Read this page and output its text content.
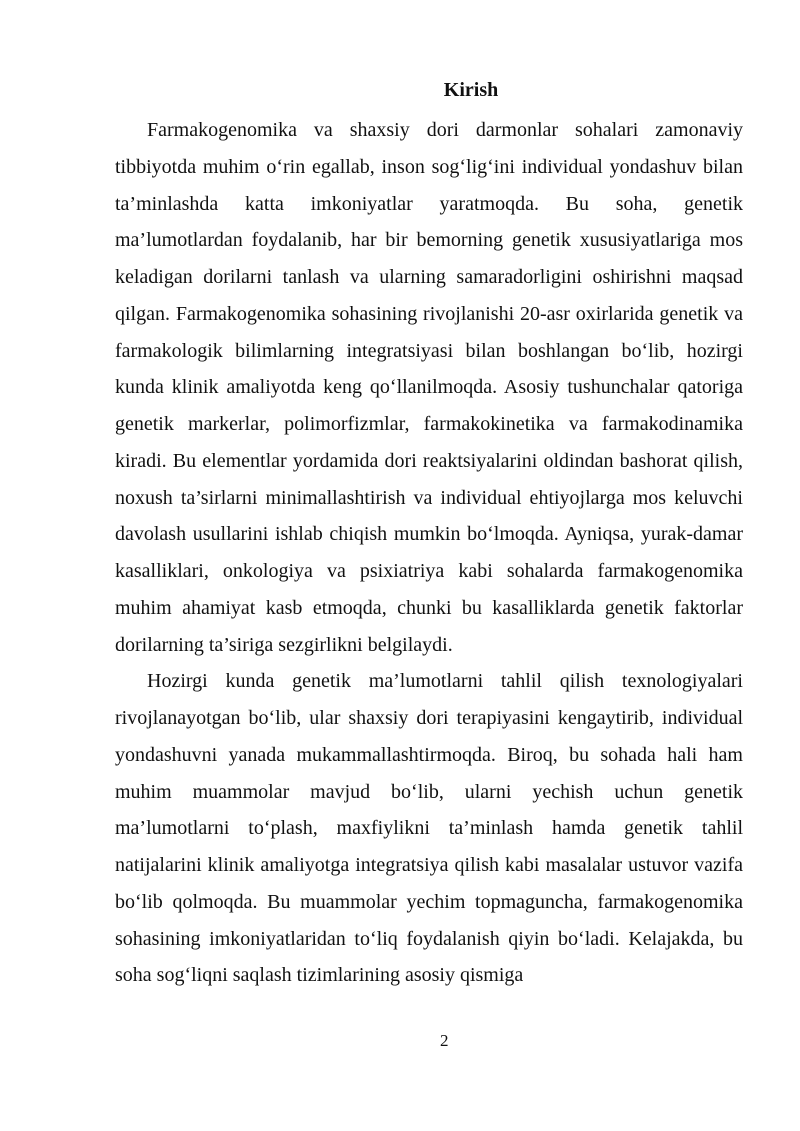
Kirish

Farmakogenomika va shaxsiy dori darmonlar sohalari zamonaviy tibbiyotda muhim o‘rin egallab, inson sog‘lig‘ini individual yondashuv bilan ta’minlashda katta imkoniyatlar yaratmoqda. Bu soha, genetik ma’lumotlardan foydalanib, har bir bemorning genetik xususiyatlariga mos keladigan dorilarni tanlash va ularning samaradorligini oshirishni maqsad qilgan. Farmakogenomika sohasining rivojlanishi 20-asr oxirlarida genetik va farmakologik bilimlarning integratsiyasi bilan boshlangan bo‘lib, hozirgi kunda klinik amaliyotda keng qo‘llanilmoqda. Asosiy tushunchalar qatoriga genetik markerlar, polimorfizmlar, farmakokinetika va farmakodinamika kiradi. Bu elementlar yordamida dori reaktsiyalarini oldindan bashorat qilish, noxush ta’sirlarni minimallashtirish va individual ehtiyojlarga mos keluvchi davolash usullarini ishlab chiqish mumkin bo‘lmoqda. Ayniqsa, yurak-damar kasalliklari, onkologiya va psixiatriya kabi sohalarda farmakogenomika muhim ahamiyat kasb etmoqda, chunki bu kasalliklarda genetik faktorlar dorilarning ta’siriga sezgirlikni belgilaydi.

Hozirgi kunda genetik ma’lumotlarni tahlil qilish texnologiyalari rivojlanayotgan bo‘lib, ular shaxsiy dori terapiyasini kengaytirib, individual yondashuvni yanada mukammallashtirmoqda. Biroq, bu sohada hali ham muhim muammolar mavjud bo‘lib, ularni yechish uchun genetik ma’lumotlarni to‘plash, maxfiylikni ta’minlash hamda genetik tahlil natijalarini klinik amaliyotga integratsiya qilish kabi masalalar ustuvor vazifa bo‘lib qolmoqda. Bu muammolar yechim topmaguncha, farmakogenomika sohasining imkoniyatlaridan to‘liq foydalanish qiyin bo‘ladi. Kelajakda, bu soha sog‘liqni saqlash tizimlarining asosiy qismiga

2
